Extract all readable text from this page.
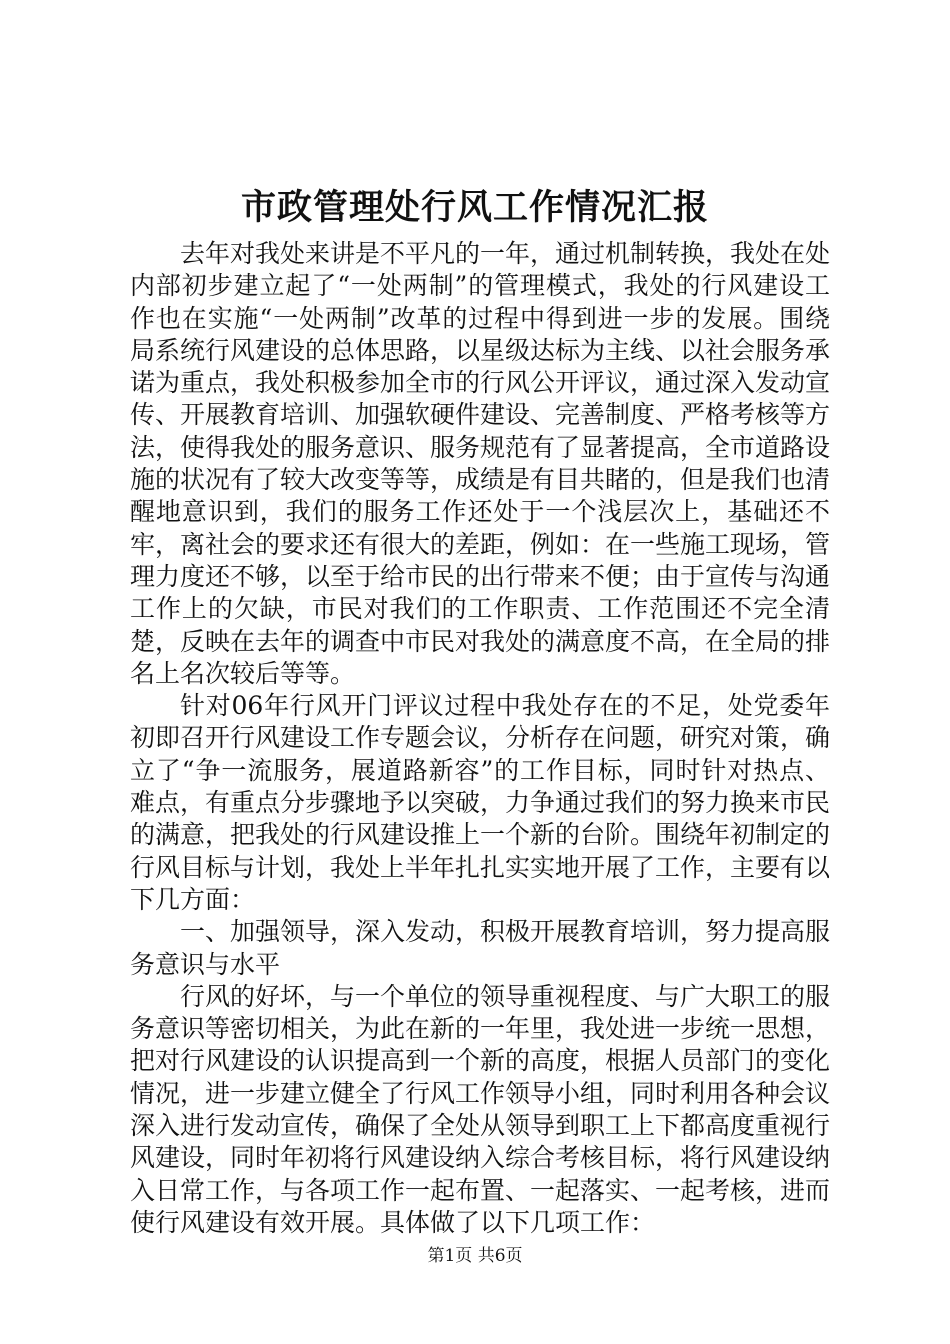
市政管理处行风工作情况汇报

去年对我处来讲是不平凡的一年，通过机制转换，我处在处内部初步建立起了“一处两制”的管理模式，我处的行风建设工作也在实施“一处两制”改革的过程中得到进一步的发展。围绕局系统行风建设的总体思路，以星级达标为主线、以社会服务承诺为重点，我处积极参加全市的行风公开评议，通过深入发动宣传、开展教育培训、加强软硬件建设、完善制度、严格考核等方法，使得我处的服务意识、服务规范有了显著提高，全市道路设施的状况有了较大改变等等，成绩是有目共睹的，但是我们也清醒地意识到，我们的服务工作还处于一个浅层次上，基础还不牢，离社会的要求还有很大的差距，例如：在一些施工现场，管理力度还不够，以至于给市民的出行带来不便；由于宣传与沟通工作上的欠缺，市民对我们的工作职责、工作范围还不完全清楚，反映在去年的调查中市民对我处的满意度不高，在全局的排名上名次较后等等。

针对06年行风开门评议过程中我处存在的不足，处党委年初即召开行风建设工作专题会议，分析存在问题，研究对策，确立了“争一流服务，展道路新容”的工作目标，同时针对热点、难点，有重点分步骤地予以突破，力争通过我们的努力换来市民的满意，把我处的行风建设推上一个新的台阶。围绕年初制定的行风目标与计划，我处上半年扎扎实实地开展了工作，主要有以下几方面：

一、加强领导，深入发动，积极开展教育培训，努力提高服务意识与水平

行风的好坏，与一个单位的领导重视程度、与广大职工的服务意识等密切相关，为此在新的一年里，我处进一步统一思想，把对行风建设的认识提高到一个新的高度，根据人员部门的变化情况，进一步建立健全了行风工作领导小组，同时利用各种会议深入进行发动宣传，确保了全处从领导到职工上下都高度重视行风建设，同时年初将行风建设纳入综合考核目标，将行风建设纳入日常工作，与各项工作一起布置、一起落实、一起考核，进而使行风建设有效开展。具体做了以下几项工作：

第1页 共6页
